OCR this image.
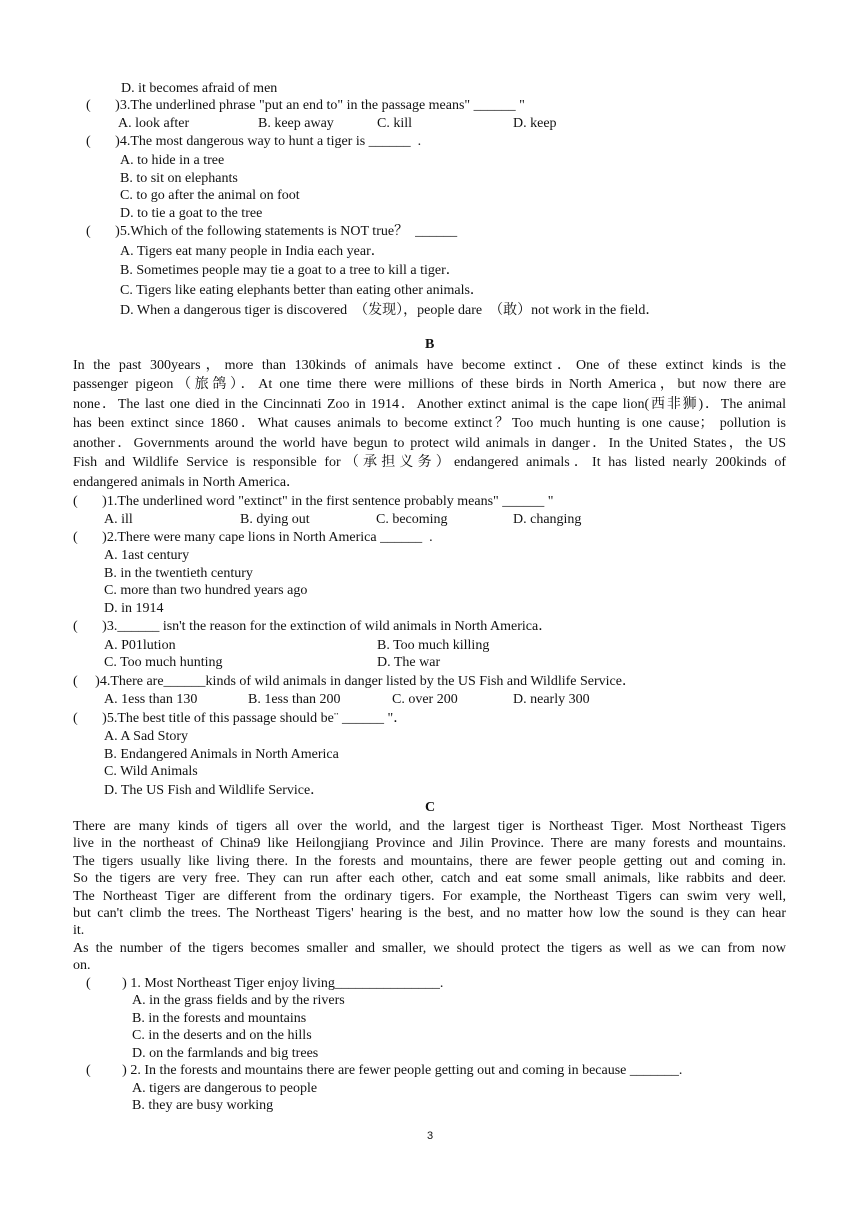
D. it becomes afraid of men
(       )3.The underlined phrase "put an end to" in the passage means" ______ "
A. look after	B. keep away	C. kill	D. keep
(       )4.The most dangerous way to hunt a tiger is ______  .
A. to hide in a tree
B. to sit on elephants
C. to go after the animal on foot
D. to tie a goat to the tree
(       )5.Which of the following statements is NOT true？  ______
A. Tigers eat many people in India each year．
B. Sometimes people may tie a goat to a tree to kill a tiger．
C. Tigers like eating elephants better than eating other animals．
D. When a dangerous tiger is discovered  （发现），people dare  （敢）not work in the field．
B
In the past 300years，more than 130kinds of animals have become extinct．One of these extinct kinds is the
passenger pigeon（旅鸽）．At one time there were millions of these birds in North America，but now there are
none．The last one died in the Cincinnati Zoo in 1914．Another extinct animal is the cape lion(西非狮)．The animal
has been extinct since 1860．What causes animals to become extinct？Too much hunting is one cause； pollution is
another．Governments around the world have begun to protect wild animals in danger．In the United States，the US
Fish and Wildlife Service is responsible for（承担义务）endangered animals．It has listed nearly 200kinds of
endangered animals in North America．
(       )1.The underlined word "extinct" in the first sentence probably means" ______ "
A. ill	B. dying out	C. becoming	D. changing
(       )2.There were many cape lions in North America ______  .
A. 1ast century
B. in the twentieth century
C. more than two hundred years ago
D. in 1914
(       )3.______ isn't the reason for the extinction of wild animals in North America．
A. P01lution	B. Too much killing
C. Too much hunting	D. The war
(     )4.There are______kinds of wild animals in danger listed by the US Fish and Wildlife Service．
A. 1ess than 130	B. 1ess than 200	C. over 200	D. nearly 300
(       )5.The best title of this passage should be¨ ______ "．
A. A Sad Story
B. Endangered Animals in North America
C. Wild Animals
D. The US Fish and Wildlife Service．
C
There are many kinds of tigers all over the world, and the largest tiger is Northeast Tiger. Most Northeast Tigers
live in the northeast of China9 like Heilongjiang Province and Jilin Province. There are many forests and mountains.
The tigers usually like living there. In the forests and mountains, there are fewer people getting out and coming in.
So the tigers are very free. They can run after each other, catch and eat some small animals, like rabbits and deer.
The Northeast Tiger are different from the ordinary tigers. For example, the Northeast Tigers can swim very well,
but can't climb the trees. The Northeast Tigers' hearing is the best, and no matter how low the sound is they can hear
it.
As the number of the tigers becomes smaller and smaller, we should protect the tigers as well as we can from now
on.
(         ) 1. Most Northeast Tiger enjoy living_______________.
A. in the grass fields and by the rivers
B. in the forests and mountains
C. in the deserts and on the hills
D. on the farmlands and big trees
(         ) 2. In the forests and mountains there are fewer people getting out and coming in because _______.
A. tigers are dangerous to people
B. they are busy working
3
